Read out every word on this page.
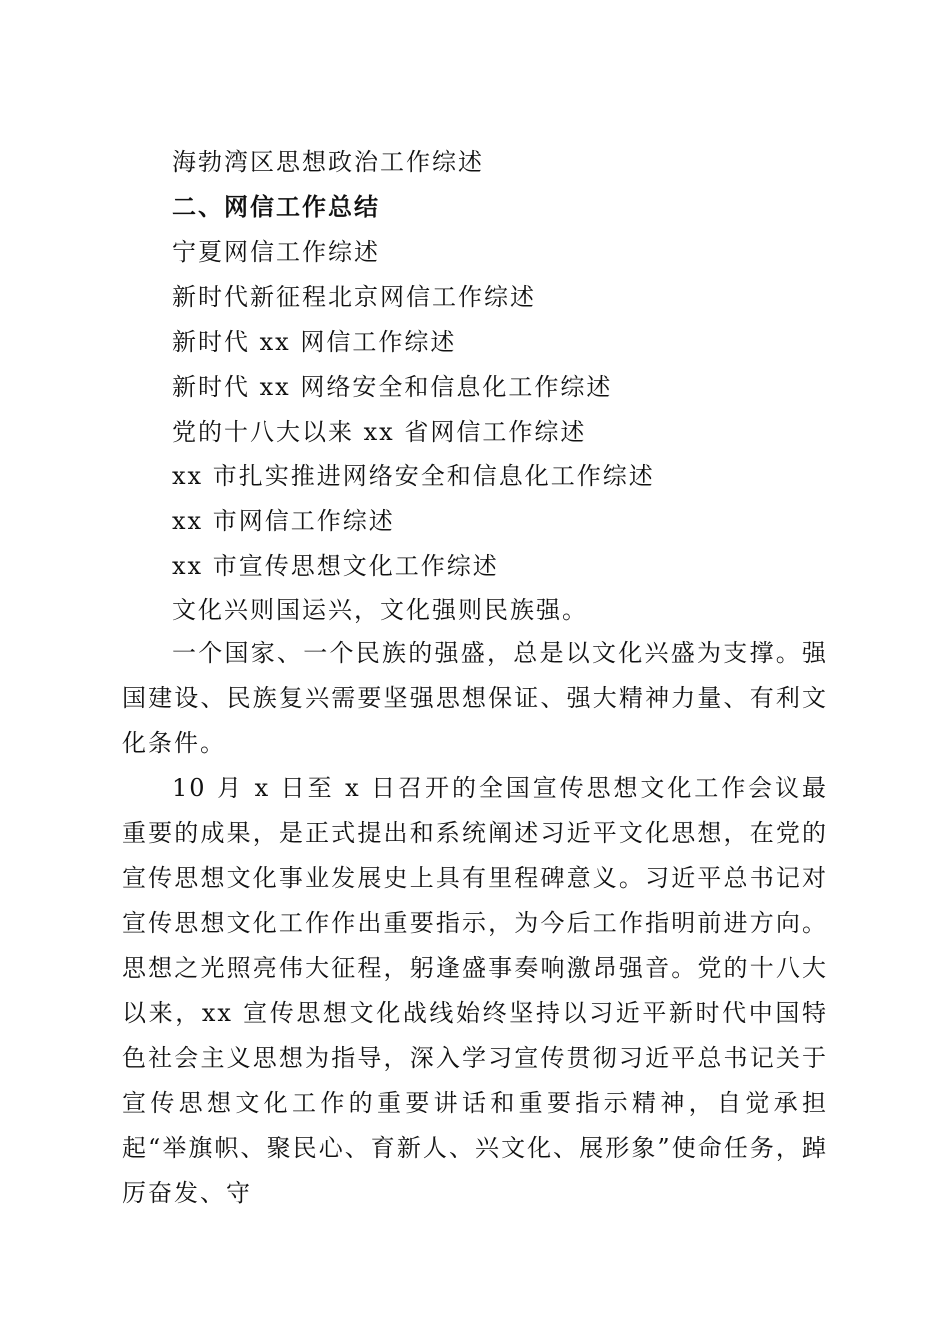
海勃湾区思想政治工作综述
二、网信工作总结
宁夏网信工作综述
新时代新征程北京网信工作综述
新时代 xx 网信工作综述
新时代 xx 网络安全和信息化工作综述
党的十八大以来 xx 省网信工作综述
xx 市扎实推进网络安全和信息化工作综述
xx 市网信工作综述
xx 市宣传思想文化工作综述
文化兴则国运兴，文化强则民族强。

一个国家、一个民族的强盛，总是以文化兴盛为支撑。强国建设、民族复兴需要坚强思想保证、强大精神力量、有利文化条件。

10 月 x 日至 x 日召开的全国宣传思想文化工作会议最重要的成果，是正式提出和系统阐述习近平文化思想，在党的宣传思想文化事业发展史上具有里程碑意义。习近平总书记对宣传思想文化工作作出重要指示，为今后工作指明前进方向。思想之光照亮伟大征程，躬逢盛事奏响激昂强音。党的十八大以来，xx 宣传思想文化战线始终坚持以习近平新时代中国特色社会主义思想为指导，深入学习宣传贯彻习近平总书记关于宣传思想文化工作的重要讲话和重要指示精神，自觉承担起“举旗帜、聚民心、育新人、兴文化、展形象”使命任务，踔厉奋发、守
